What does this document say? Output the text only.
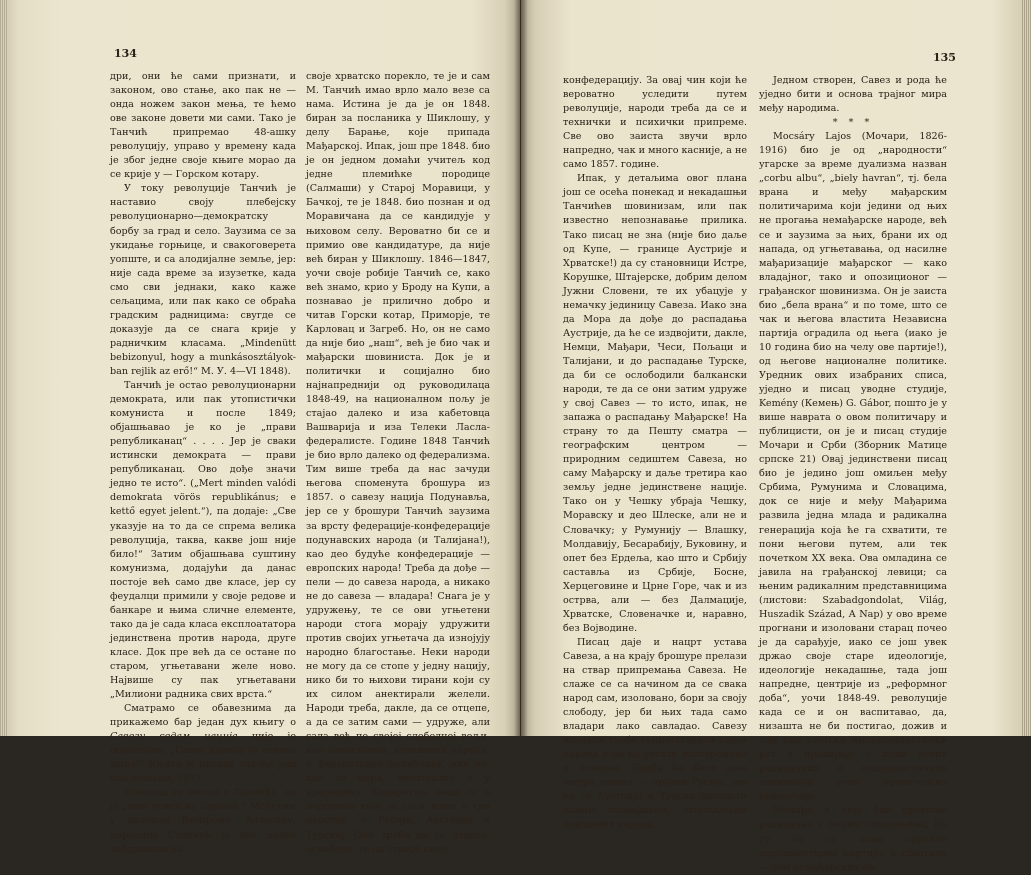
134

дри, они ће сами признати, и законом, ово стање, ако пак не — онда ножем закон мења, те ћемо ове законе довети ми сами. Тако је Танчић припремао 48-ашку револуцију, управо у времену када је због једне своје књиге морао да се крије у — Горском котару.

У току револуције Танчић је наставио своју плебејску револуционарно—демократску борбу за град и село. Заузима се за укидање горњице, и свакоговерета уопште, и са алодијалне земље, јер: није сада време за изузетке, када смо сви једнаки, како каже сељацима, или пак како се обраћа градским радницима: свугде се доказује да се снага крије у радничким класама. „Mindenütt bebizonyul, hogy a munkásosztályok-ban rejlik az erő!“ М. У. 4—VI 1848).

Танчић је остао револуционарни демократа, или пак утопистички комуниста и после 1849; објашњавао је ко је „прави републиканац“ . . . . Јер је сваки истински демократа — прави републиканац. Ово дође значи једно те исто“. („Mert minden valódi demokrata vörös republikánus; e kettő egyet jelent.“), па додаје: „Све указује на то да се спрема велика револуција, таква, какве још није било!“ Затим објашњава суштину комунизма, додајући да данас постоје већ само две класе, јер су феудалци примили у своје редове и банкаре и њима сличне елементе, тако да је сада класа експлоататора јединствена против народа, друге класе. Док пре већ да се остане по старом, угњетавани желе ново. Највише су пак угњетавани „Милиони радника свих врста.“

Сматрамо се обавезнима да прикажемо бар један дух књигу о Савезу седам нација чије је поднаслов: „Савез народа је основа мира!“ Књига је писана такође још под земљом, 1857.

Понекад се мисли о Танчићу, да је „наш човек из Барање.“ Међутим у далеком Веспрему, Ачтесеру, породица Станчић је већ давно заборавила на

своје хрватско порекло, те је и сам М. Танчић имао врло мало везе са нама. Истина је да је он 1848. биран за посланика у Шиклошу, у делу Барање, које припада Мађарској. Ипак, још пре 1848. био је он једном домаћи учитељ код једне племићке породице (Салмаши) у Старој Моравици, у Бачкој, те је 1848. био познан и од Моравичана да се кандидује у њиховом селу. Вероватно би се и примио ове кандидатуре, да није већ биран у Шиклошу. 1846—1847, уочи своје робије Танчић се, како већ знамо, крио у Броду на Купи, а познавао је прилично добро и читав Горски котар, Приморје, те Карловац и Загреб. Но, он не само да није био „наш“, већ је био чак и мађарски шовиниста. Док је и политички и социјално био најнапреднији од руководилаца 1848-49, на националном пољу је стајао далеко и иза кабетовца Вашваријa и иза Телеки Ласла-федералисте. Године 1848 Танчић је био врло далеко од федерализма. Тим више треба да нас зачуди његова споменута брошура из 1857. о савезу нација Подунавља, јер се у брошури Танчић заузима за врсту федерације-конфедерације подунавских народа (и Талијана!), као део будуће конфедерације — европских народа! Треба да дође — пели — до савеза народа, а никако не до савеза — владара! Снага је у удружењу, те се ови угњетени народи стога морају удружити против својих угњетача да изнојују народно благостање. Неки народи не могу да се стопе у једну нацију, нико би то њихови тирани који су их силом анектирали желели. Народи треба, дакле, да се отцепе, а да се затим сами — удруже, али сада већ по својој слободној вољи, као самостални, независни народи, у федеративну републику, али не, као се мора, евентуално и у краљевину. Конкретно, пади се о народима који за сада живе у три царства: у Русији, Аустрији и Турској. Они треба да се отцепе, ослободе, те да створе своју

135

конфедерацију. За овај чин који ће вероватно уследити путем револуције, народи треба да се и технички и психички припреме. Све ово заиста звучи врло напредно, чак и много касније, а не само 1857. године.

Ипак, у детаљима овог плана још се осећа понекад и некадашњи Танчићев шовинизам, или пак известно непознавање прилика. Тако писац не зна (није био даље од Купе, — границе Аустрије и Хрватске!) да су становници Истре, Корушке, Штајерске, добрим делом Јужни Словени, те их убацује у немачку јединицу Савеза. Иако зна да Мора да дође до распадања Аустрије, да ће се издвојити, дакле, Немци, Мађари, Чеси, Пољаци и Талијани, и до распадање Турске, да би се ослободили балкански народи, те да се они затим удруже у свој Савез — то исто, ипак, не запажа о распадању Мађарске! На страну то да Пешту сматра — географским центром — природним седиштем Савеза, но саму Мађарску и даље третира као земљу једне јединствене нације. Тако он у Чешку убраја Чешку, Моравску и део Шлеске, али не и Словачку; у Румунију — Влашку, Молдавију, Бесарабију, Буковину, и опет без Ердеља, као што и Србију саставља из Србије, Босне, Херцеговине и Црне Горе, чак и из острва, али — без Далмације, Хрватске, Словеначке и, наравно, без Војводине.

Писац даје и нацрт устава Савеза, а на крају брошуре прелази на ствар припремања Савеза. Не слаже се са начином да се свака народ сам, изоловано, бори за своју слободу, јер би њих тада само владари лако савладао. Савезу владара треба супротставити савез народа који ће устати истовремено и повезан. Борба ће бити јако оштра једино — против Русије, јер ће се Аустрија и Турска распасти самим издвајањем, отцепљењем појединих народа.

Једном створен, Савез и рода ће уједно бити и основа трајног мира међу народима.

* * *

Mocsáry Lajos (Мочари, 1826-1916) био је од „народности“ угарске за време дуализма назван „corbu albu“, „biely havran“, тј. бела врана и међу мађарским политичарима који једини од њих не прогања немађарске народе, већ се и заузима за њих, брани их од напада, од угњетавања, од насилне мађаризације мађарског — како владајног, тако и опозиционог — грађанског шовинизма. Он је заиста био „бела врана“ и по томе, што се чак и његова властита Независна партија оградила од њега (иако је 10 година био на челу ове партије!), од његове националне политике. Уредник ових изабраних списа, уједно и писац уводне студије, Kemény (Кемењ) G. Gábor, пошто је у више наврата о овом политичару и публицисти, он је и писац студије Мочари и Срби (Зборник Матице српске 21) Овај јединствени писац био је једино још омиљен међу Србима, Румунима и Словацима, док се није и међу Мађарима развила једна млада и радикална генерација која ће га схватити, те пони његови путем, али тек почетком XX века. Ова омладина се јавила на грађанској левици; са њеним радикалним представницима (листови: Szabadgondolat, Világ, Huszadik Század, A Nap) у ово време прогнани и изоловани старац почео је да сарађује, иако се још увек држао своје старе идеологије, идеологије некадашње, тада још напредне, центрије из „реформног доба“, уочи 1848-49. револуције када се и он васпитавао, да, низашта не би постигао, дожив и сам при светски империјалистички рат и продираје у пони левих радикалних и социјалистичких елемената уочи пролетерске револуције.

Мочари и није био превише радикалан у својим схватањима, Да су га се ипак одрекле парламентарне партије, а схватали — сем немађарских на-
